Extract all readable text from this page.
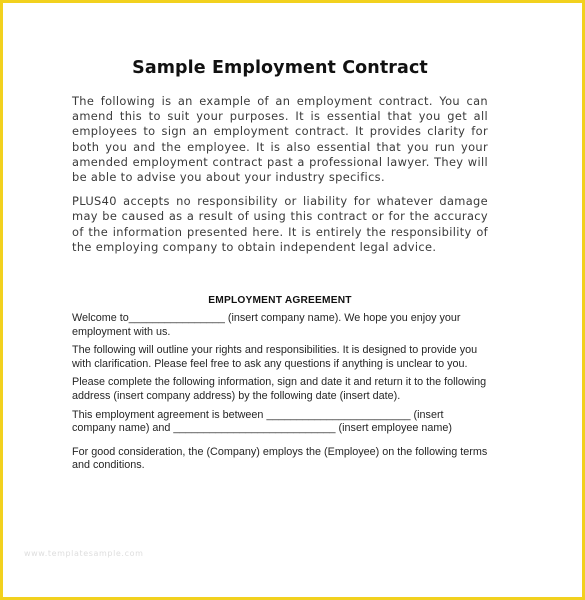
Sample Employment Contract

The following is an example of an employment contract. You can amend this to suit your purposes. It is essential that you get all employees to sign an employment contract. It provides clarity for both you and the employee. It is also essential that you run your amended employment contract past a professional lawyer. They will be able to advise you about your industry specifics.

PLUS40 accepts no responsibility or liability for whatever damage may be caused as a result of using this contract or for the accuracy of the information presented here. It is entirely the responsibility of the employing company to obtain independent legal advice.

EMPLOYMENT AGREEMENT

Welcome to________________ (insert company name). We hope you enjoy your employment with us.

The following will outline your rights and responsibilities. It is designed to provide you with clarification. Please feel free to ask any questions if anything is unclear to you.

Please complete the following information, sign and date it and return it to the following address (insert company address) by the following date (insert date).

This employment agreement is between ________________________ (insert company name) and ___________________________ (insert employee name)

For good consideration, the (Company) employs the (Employee) on the following terms and conditions.

www.templatesample.com
